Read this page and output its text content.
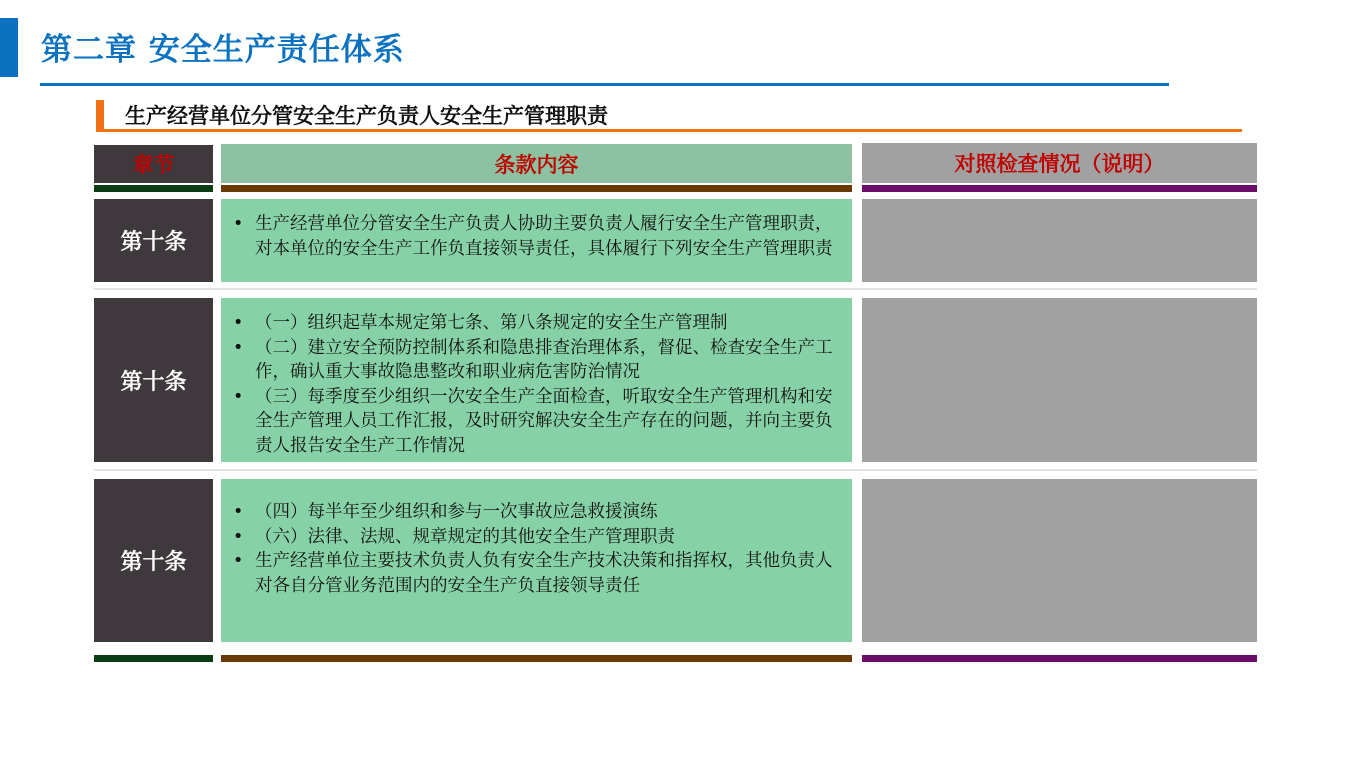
第二章 安全生产责任体系
生产经营单位分管安全生产负责人安全生产管理职责
章节	条款内容	对照检查情况（说明）
第十条
• 生产经营单位分管安全生产负责人协助主要负责人履行安全生产管理职责，对本单位的安全生产工作负直接领导责任，具体履行下列安全生产管理职责
第十条
• （一）组织起草本规定第七条、第八条规定的安全生产管理制
• （二）建立安全预防控制体系和隐患排查治理体系，督促、检查安全生产工作，确认重大事故隐患整改和职业病危害防治情况
• （三）每季度至少组织一次安全生产全面检查，听取安全生产管理机构和安全生产管理人员工作汇报，及时研究解决安全生产存在的问题，并向主要负责人报告安全生产工作情况
第十条
• （四）每半年至少组织和参与一次事故应急救援演练
• （六）法律、法规、规章规定的其他安全生产管理职责
• 生产经营单位主要技术负责人负有安全生产技术决策和指挥权，其他负责人对各自分管业务范围内的安全生产负直接领导责任
